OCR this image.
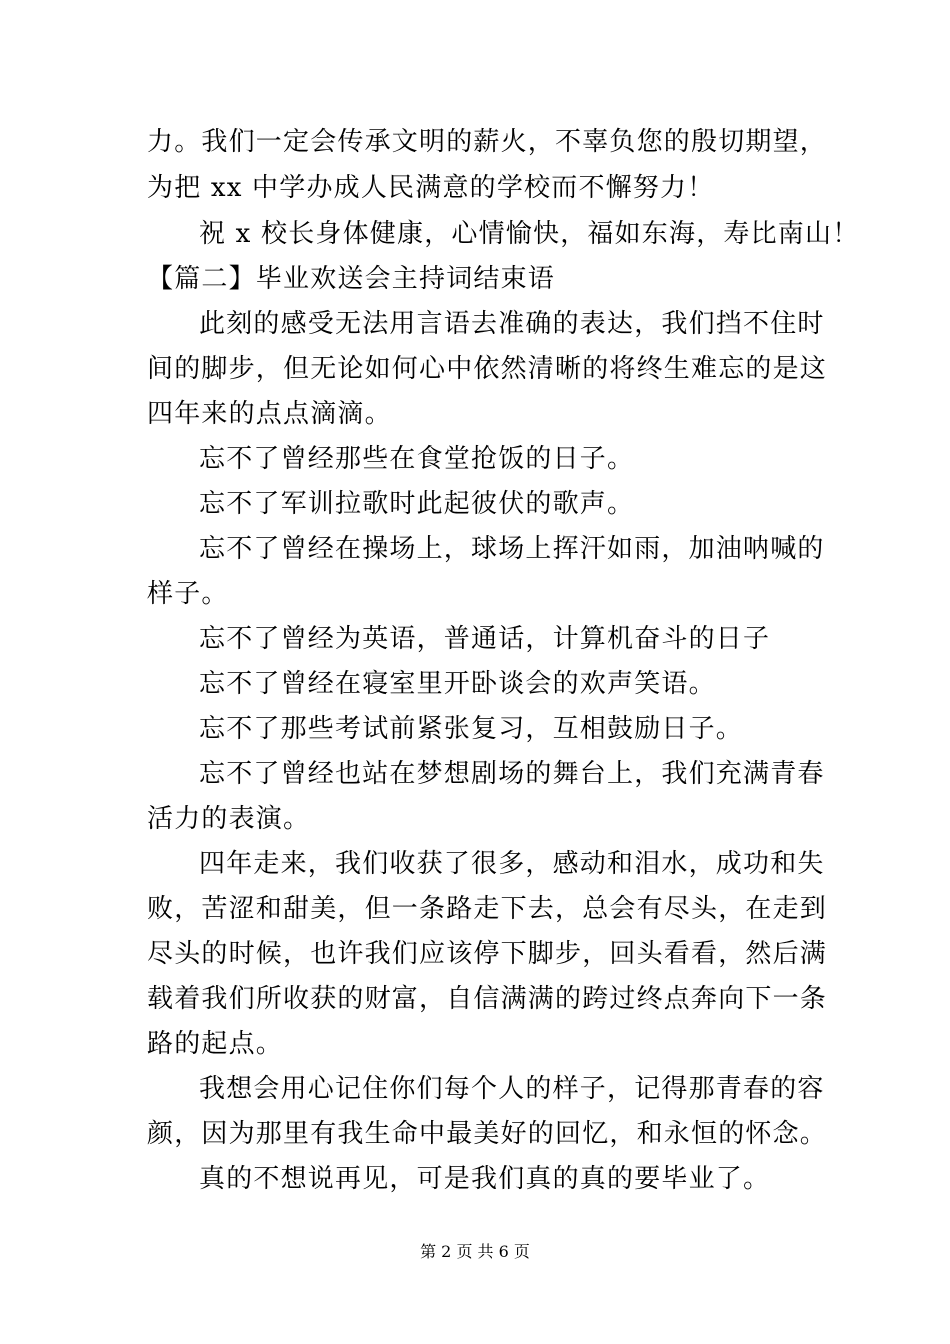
力。我们一定会传承文明的薪火，不辜负您的殷切期望，
为把 xx 中学办成人民满意的学校而不懈努力！
祝 x 校长身体健康，心情愉快，福如东海，寿比南山！
【篇二】毕业欢送会主持词结束语
此刻的感受无法用言语去准确的表达，我们挡不住时
间的脚步，但无论如何心中依然清晰的将终生难忘的是这
四年来的点点滴滴。
忘不了曾经那些在食堂抢饭的日子。
忘不了军训拉歌时此起彼伏的歌声。
忘不了曾经在操场上，球场上挥汗如雨，加油呐喊的
样子。
忘不了曾经为英语，普通话，计算机奋斗的日子
忘不了曾经在寝室里开卧谈会的欢声笑语。
忘不了那些考试前紧张复习，互相鼓励日子。
忘不了曾经也站在梦想剧场的舞台上，我们充满青春
活力的表演。
四年走来，我们收获了很多，感动和泪水，成功和失
败，苦涩和甜美，但一条路走下去，总会有尽头，在走到
尽头的时候，也许我们应该停下脚步，回头看看，然后满
载着我们所收获的财富，自信满满的跨过终点奔向下一条
路的起点。
我想会用心记住你们每个人的样子，记得那青春的容
颜，因为那里有我生命中最美好的回忆，和永恒的怀念。
真的不想说再见，可是我们真的真的要毕业了。
第 2 页 共 6 页
